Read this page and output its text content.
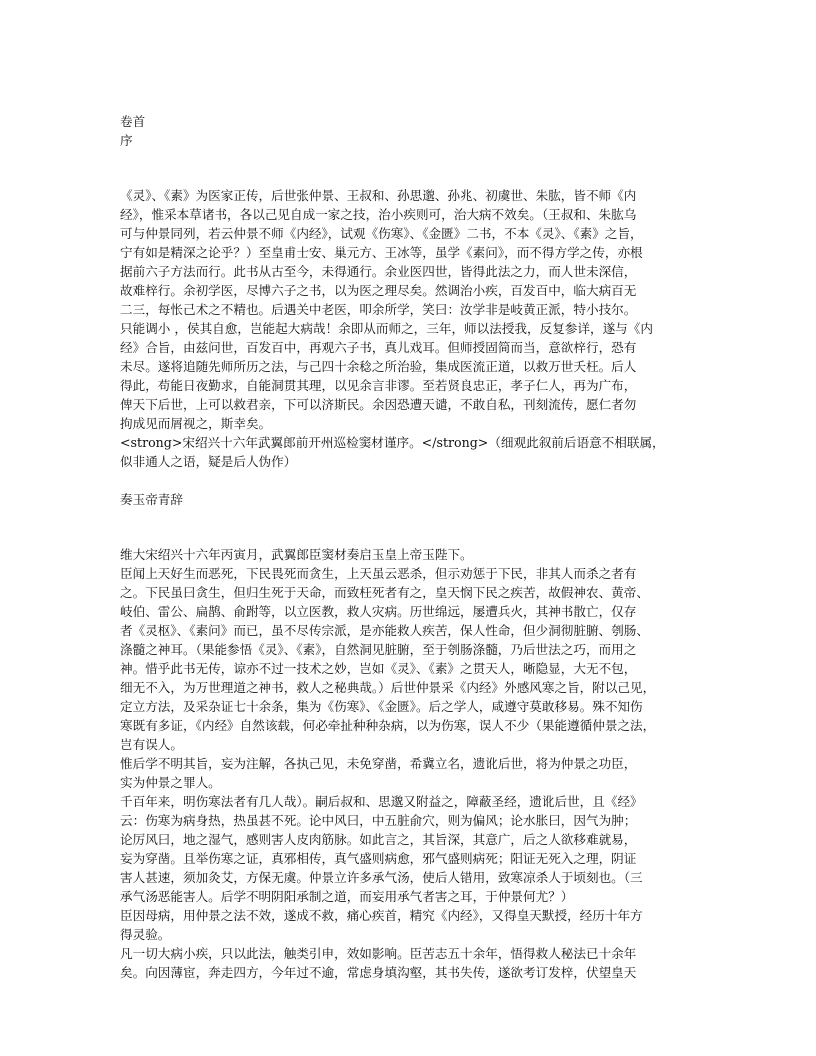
卷首

序

《灵》、《素》为医家正传，后世张仲景、王叔和、孙思邈、孙兆、初虞世、朱肱，皆不师《内

经》，惟采本草诸书，各以己见自成一家之技，治小疾则可，治大病不效矣。（王叔和、朱肱乌

可与仲景同列，若云仲景不师《内经》，试观《伤寒》、《金匮》二书，不本《灵》、《素》之旨，

宁有如是精深之论乎？）至皇甫士安、巢元方、王冰等，虽学《素问》，而不得方学之传，亦根

据前六子方法而行。此书从古至今，未得通行。余业医四世，皆得此法之力，而人世未深信，

故难梓行。余初学医，尽博六子之书，以为医之理尽矣。然调治小疾，百发百中，临大病百无

二三，每怅己术之不精也。后遇关中老医，叩余所学，笑曰：汝学非是岐黄正派，特小技尔。

只能调小 ，侯其自愈，岂能起大病哉！余即从而师之，三年，师以法授我，反复参详，遂与《内

经》合旨，由兹问世，百发百中，再观六子书，真儿戏耳。但师授固简而当，意欲梓行，恐有

未尽。遂将追随先师所历之法，与己四十余稔之所治验，集成医流正道，以救万世夭枉。后人

得此，苟能日夜勤求，自能洞贯其理，以见余言非谬。至若贤良忠正，孝子仁人，再为广布，

俾天下后世，上可以救君亲，下可以济斯民。余因恐遭天谴，不敢自私，刊刻流传，愿仁者勿

拘成见而屑视之，斯幸矣。

<strong>宋绍兴十六年武翼郎前开州巡检窦材谨序。</strong>（细观此叙前后语意不相联属，

似非通人之语，疑是后人伪作）

奏玉帝青辞

维大宋绍兴十六年丙寅月，武翼郎臣窦材奏启玉皇上帝玉陛下。

臣闻上天好生而恶死，下民畏死而贪生，上天虽云恶杀，但示劝惩于下民，非其人而杀之者有

之。下民虽曰贪生，但归生死于天命，而致枉死者有之，皇天悯下民之疾苦，故假神农、黄帝、

岐伯、雷公、扁鹊、俞跗等，以立医教，救人灾病。历世绵远，屡遭兵火，其神书散亡，仅存

者《灵枢》、《素问》而已，虽不尽传宗派，是亦能救人疾苦，保人性命，但少洞彻脏腑、刳肠、

涤髓之神耳。（果能参悟《灵》、《素》，自然洞见脏腑，至于刳肠涤髓，乃后世法之巧，而用之

神。惜乎此书无传，谅亦不过一技术之妙，岂如《灵》、《素》之贯天人，晰隐显，大无不包，

细无不入，为万世理道之神书，救人之秘典哉。）后世仲景采《内经》外感风寒之旨，附以己见，

定立方法，及采杂证七十余条，集为《伤寒》、《金匮》。后之学人，咸遵守莫敢移易。殊不知伤

寒既有多证，《内经》自然该载，何必牵扯种种杂病，以为伤寒，误人不少（果能遵循仲景之法，

岂有误人。

惟后学不明其旨，妄为注解，各执己见，未免穿凿，希冀立名，遗讹后世，将为仲景之功臣，

实为仲景之罪人。

千百年来，明伤寒法者有几人哉）。嗣后叔和、思邈又附益之，障蔽圣经，遗讹后世，且《经》

云：伤寒为病身热，热虽甚不死。论中风曰，中五脏俞穴，则为偏风；论水胀曰，因气为肿；

论厉风曰，地之湿气，感则害人皮肉筋脉。如此言之，其旨深，其意广，后之人欲移难就易，

妄为穿凿。且举伤寒之证，真邪相传，真气盛则病愈，邪气盛则病死；阳证无死入之理，阴证

害人甚速，须加灸艾，方保无虞。仲景立许多承气汤，使后人错用，致寒凉杀人于顷刻也。（三

承气汤恶能害人。后学不明阴阳承制之道，而妄用承气者害之耳，于仲景何尤？）

臣因母病，用仲景之法不效，遂成不救，痛心疾首，精究《内经》，又得皇天默授，经历十年方

得灵验。

凡一切大病小疾，只以此法，触类引申，效如影响。臣苦志五十余年，悟得救人秘法已十余年

矣。向因薄宦，奔走四方，今年过不逾，常虑身填沟壑，其书失传，遂欲考订发梓，伏望皇天
